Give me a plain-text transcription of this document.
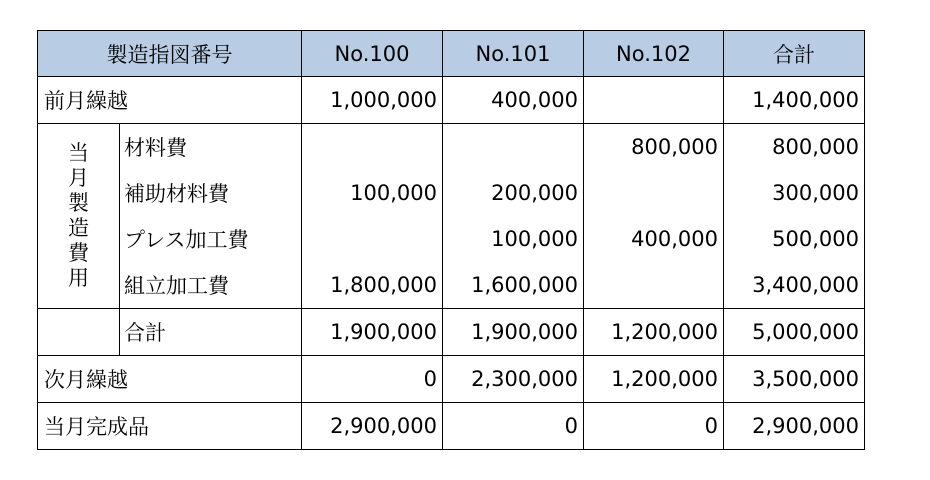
製造指図番号		No.100	No.101	No.102	合計
前月繰越		1,000,000	400,000		1,400,000
当月製造費用	材料費			800,000	800,000
	補助材料費	100,000	200,000		300,000
	プレス加工費		100,000	400,000	500,000
	組立加工費	1,800,000	1,600,000		3,400,000
	合計	1,900,000	1,900,000	1,200,000	5,000,000
次月繰越		0	2,300,000	1,200,000	3,500,000
当月完成品		2,900,000	0	0	2,900,000
